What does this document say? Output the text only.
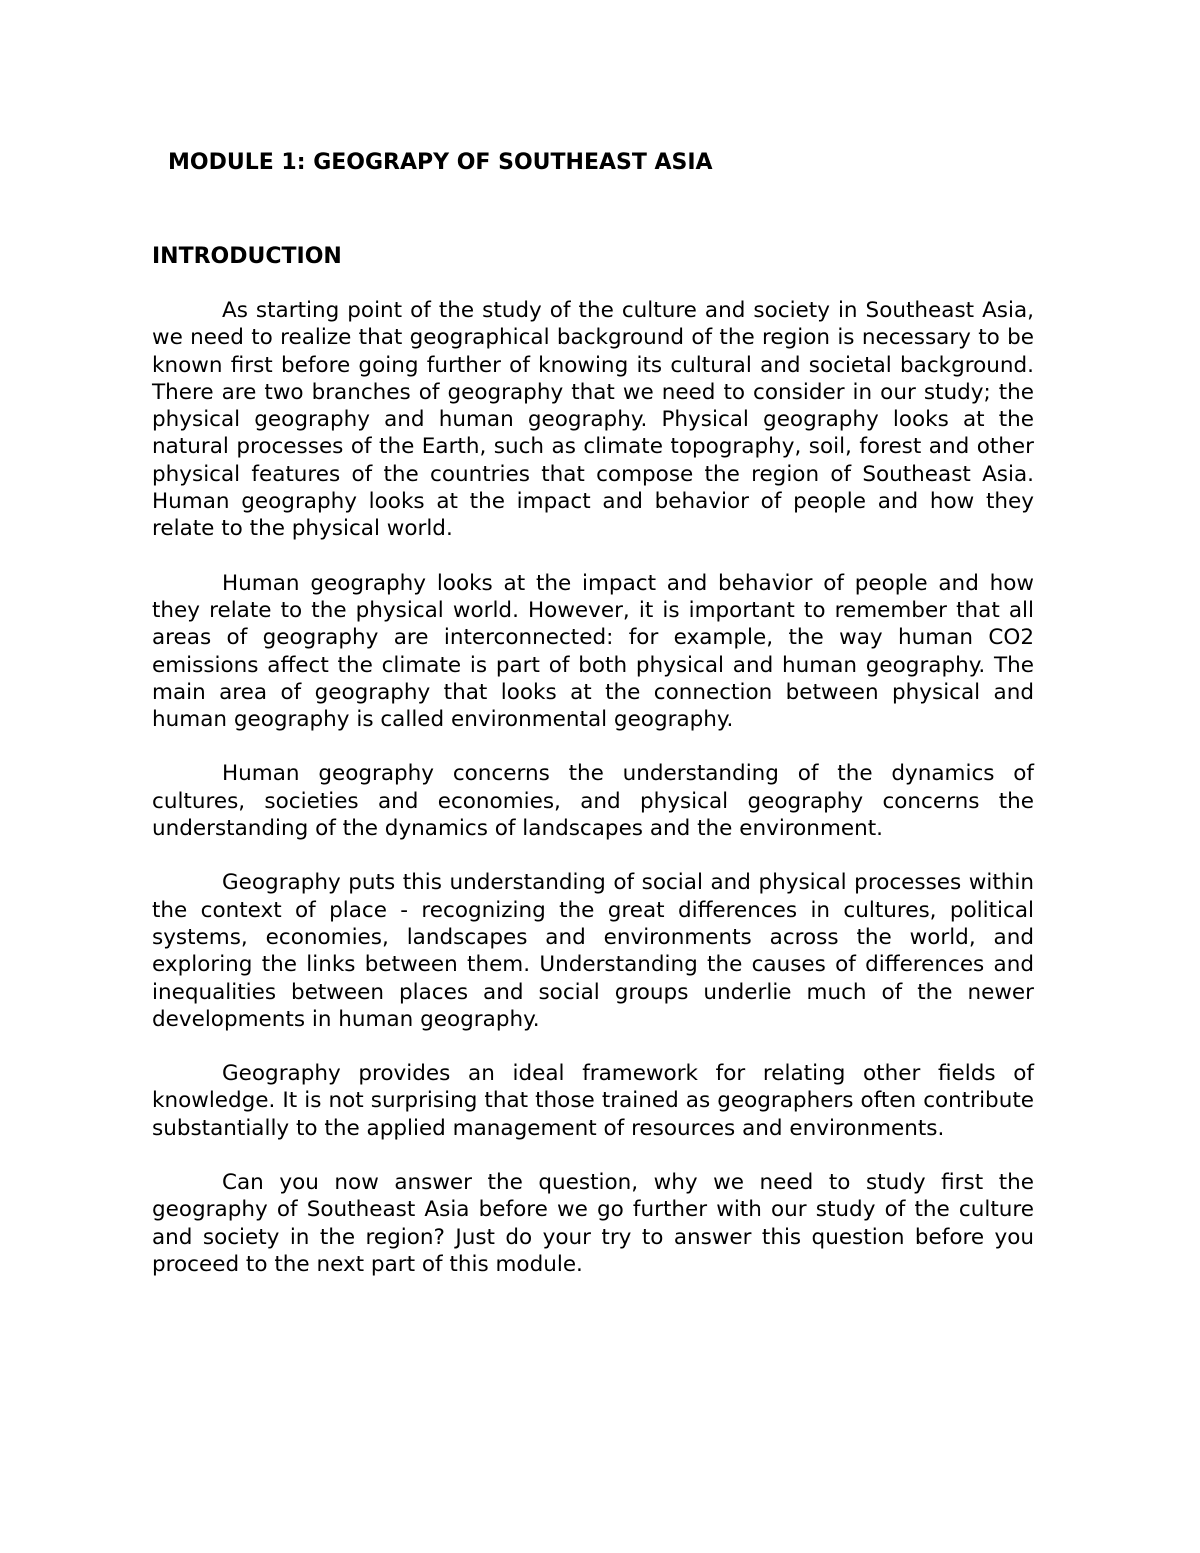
MODULE 1: GEOGRAPY OF SOUTHEAST ASIA
INTRODUCTION

As starting point of the study of the culture and society in Southeast Asia, we need to realize that geographical background of the region is necessary to be known first before going further of knowing its cultural and societal background. There are two branches of geography that we need to consider in our study; the physical geography and human geography. Physical geography looks at the natural processes of the Earth, such as climate topography, soil, forest and other physical features of the countries that compose the region of Southeast Asia. Human geography looks at the impact and behavior of people and how they relate to the physical world.

Human geography looks at the impact and behavior of people and how they relate to the physical world. However, it is important to remember that all areas of geography are interconnected: for example, the way human CO2 emissions affect the climate is part of both physical and human geography. The main area of geography that looks at the connection between physical and human geography is called environmental geography.

Human geography concerns the understanding of the dynamics of cultures, societies and economies, and physical geography concerns the understanding of the dynamics of landscapes and the environment.

Geography puts this understanding of social and physical processes within the context of place - recognizing the great differences in cultures, political systems, economies, landscapes and environments across the world, and exploring the links between them. Understanding the causes of differences and inequalities between places and social groups underlie much of the newer developments in human geography.

Geography provides an ideal framework for relating other fields of knowledge. It is not surprising that those trained as geographers often contribute substantially to the applied management of resources and environments.

Can you now answer the question, why we need to study first the geography of Southeast Asia before we go further with our study of the culture and society in the region? Just do your try to answer this question before you proceed to the next part of this module.
